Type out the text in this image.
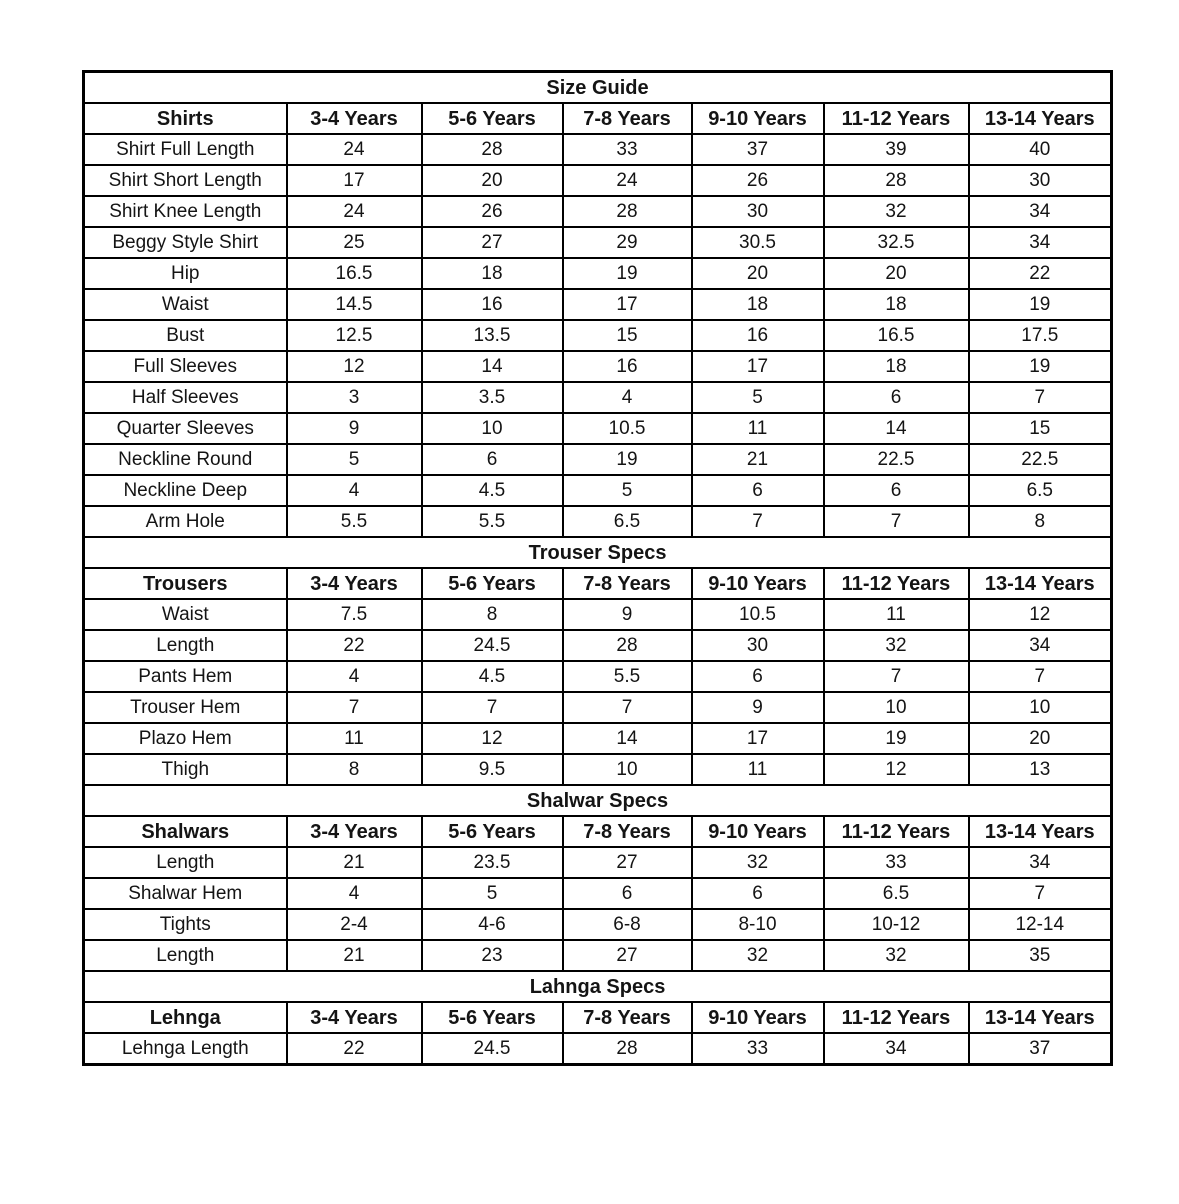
Size Guide						
Shirts	3-4 Years	5-6 Years	7-8 Years	9-10 Years	11-12 Years	13-14 Years
Shirt Full Length	24	28	33	37	39	40
Shirt Short Length	17	20	24	26	28	30
Shirt Knee Length	24	26	28	30	32	34
Beggy Style Shirt	25	27	29	30.5	32.5	34
Hip	16.5	18	19	20	20	22
Waist	14.5	16	17	18	18	19
Bust	12.5	13.5	15	16	16.5	17.5
Full Sleeves	12	14	16	17	18	19
Half Sleeves	3	3.5	4	5	6	7
Quarter Sleeves	9	10	10.5	11	14	15
Neckline Round	5	6	19	21	22.5	22.5
Neckline Deep	4	4.5	5	6	6	6.5
Arm Hole	5.5	5.5	6.5	7	7	8
Trouser Specs						
Trousers	3-4 Years	5-6 Years	7-8 Years	9-10 Years	11-12 Years	13-14 Years
Waist	7.5	8	9	10.5	11	12
Length	22	24.5	28	30	32	34
Pants Hem	4	4.5	5.5	6	7	7
Trouser Hem	7	7	7	9	10	10
Plazo Hem	11	12	14	17	19	20
Thigh	8	9.5	10	11	12	13
Shalwar Specs						
Shalwars	3-4 Years	5-6 Years	7-8 Years	9-10 Years	11-12 Years	13-14 Years
Length	21	23.5	27	32	33	34
Shalwar Hem	4	5	6	6	6.5	7
Tights	2-4	4-6	6-8	8-10	10-12	12-14
Length	21	23	27	32	32	35
Lahnga Specs						
Lehnga	3-4 Years	5-6 Years	7-8 Years	9-10 Years	11-12 Years	13-14 Years
Lehnga Length	22	24.5	28	33	34	37
